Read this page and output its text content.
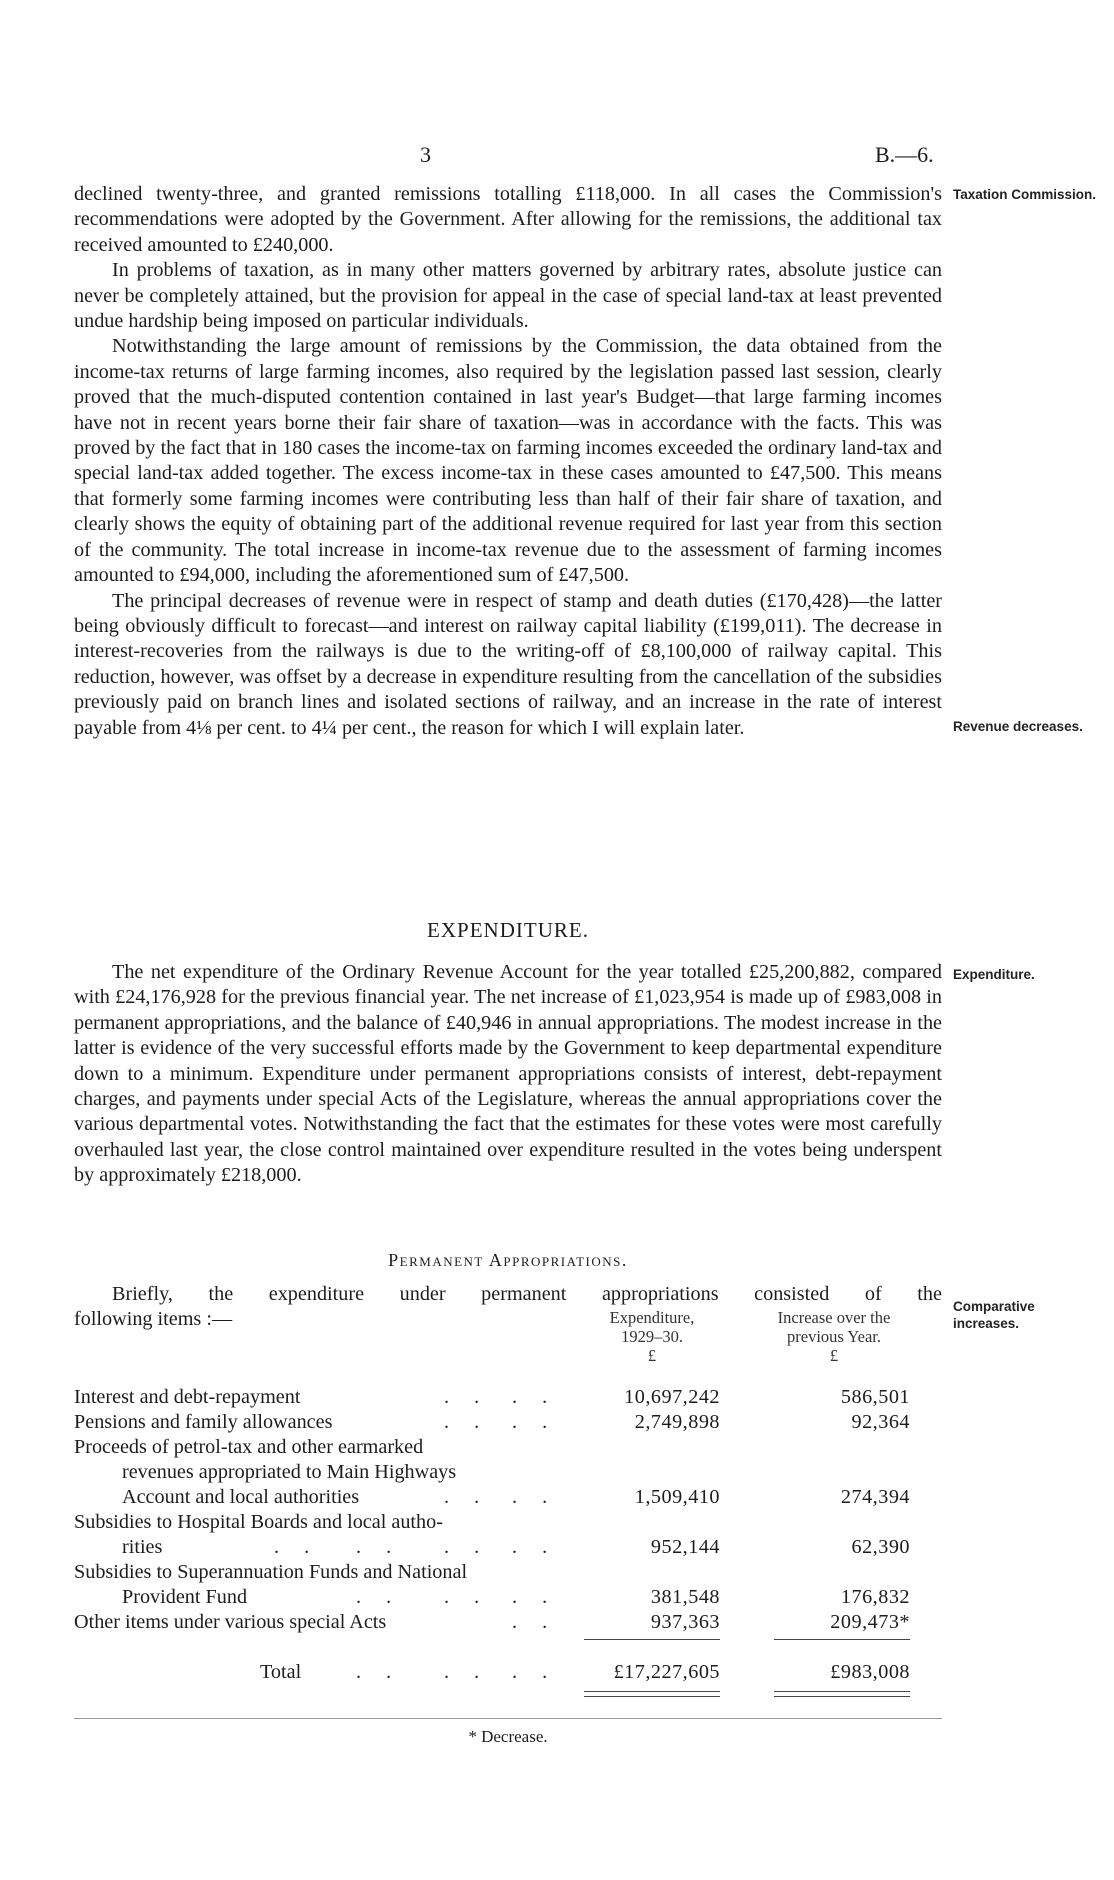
3	B.—6.

declined twenty-three, and granted remissions totalling £118,000. In all cases the Commission's recommendations were adopted by the Government. After allowing for the remissions, the additional tax received amounted to £240,000.

In problems of taxation, as in many other matters governed by arbitrary rates, absolute justice can never be completely attained, but the provision for appeal in the case of special land-tax at least prevented undue hardship being imposed on particular individuals.

Notwithstanding the large amount of remissions by the Commission, the data obtained from the income-tax returns of large farming incomes, also required by the legislation passed last session, clearly proved that the much-disputed contention contained in last year's Budget—that large farming incomes have not in recent years borne their fair share of taxation—was in accordance with the facts. This was proved by the fact that in 180 cases the income-tax on farming incomes exceeded the ordinary land-tax and special land-tax added together. The excess income-tax in these cases amounted to £47,500. This means that formerly some farming incomes were contributing less than half of their fair share of taxation, and clearly shows the equity of obtaining part of the additional revenue required for last year from this section of the community. The total increase in income-tax revenue due to the assessment of farming incomes amounted to £94,000, including the aforementioned sum of £47,500.

The principal decreases of revenue were in respect of stamp and death duties (£170,428)—the latter being obviously difficult to forecast—and interest on railway capital liability (£199,011). The decrease in interest-recoveries from the railways is due to the writing-off of £8,100,000 of railway capital. This reduction, however, was offset by a decrease in expenditure resulting from the cancellation of the subsidies previously paid on branch lines and isolated sections of railway, and an increase in the rate of interest payable from 4⅛ per cent. to 4¼ per cent., the reason for which I will explain later.

Taxation Commission.
Revenue decreases.
EXPENDITURE.
Expenditure.

The net expenditure of the Ordinary Revenue Account for the year totalled £25,200,882, compared with £24,176,928 for the previous financial year. The net increase of £1,023,954 is made up of £983,008 in permanent appropriations, and the balance of £40,946 in annual appropriations. The modest increase in the latter is evidence of the very successful efforts made by the Government to keep departmental expenditure down to a minimum. Expenditure under permanent appropriations consists of interest, debt-repayment charges, and payments under special Acts of the Legislature, whereas the annual appropriations cover the various departmental votes. Notwithstanding the fact that the estimates for these votes were most carefully overhauled last year, the close control maintained over expenditure resulted in the votes being underspent by approximately £218,000.

Permanent Appropriations.
Comparative increases.
Briefly, the expenditure under permanent appropriations consisted of the
following items :—	Expenditure,
1929–30.
£
Increase over the
previous Year.
£
Interest and debt-repayment	. . . .	10,697,242	586,501
Pensions and family allowances	. . . .	2,749,898	92,364
Proceeds of petrol-tax and other earmarked
revenues appropriated to Main Highways
Account and local authorities	. . . .	1,509,410	274,394
Subsidies to Hospital Boards and local autho-
rities	. . . . . . . .	952,144	62,390
Subsidies to Superannuation Funds and National
Provident Fund	. . . . . .	381,548	176,832
Other items under various special Acts	. .	937,363	209,473*
Total	. . . . . .	£17,227,605	£983,008
* Decrease.
